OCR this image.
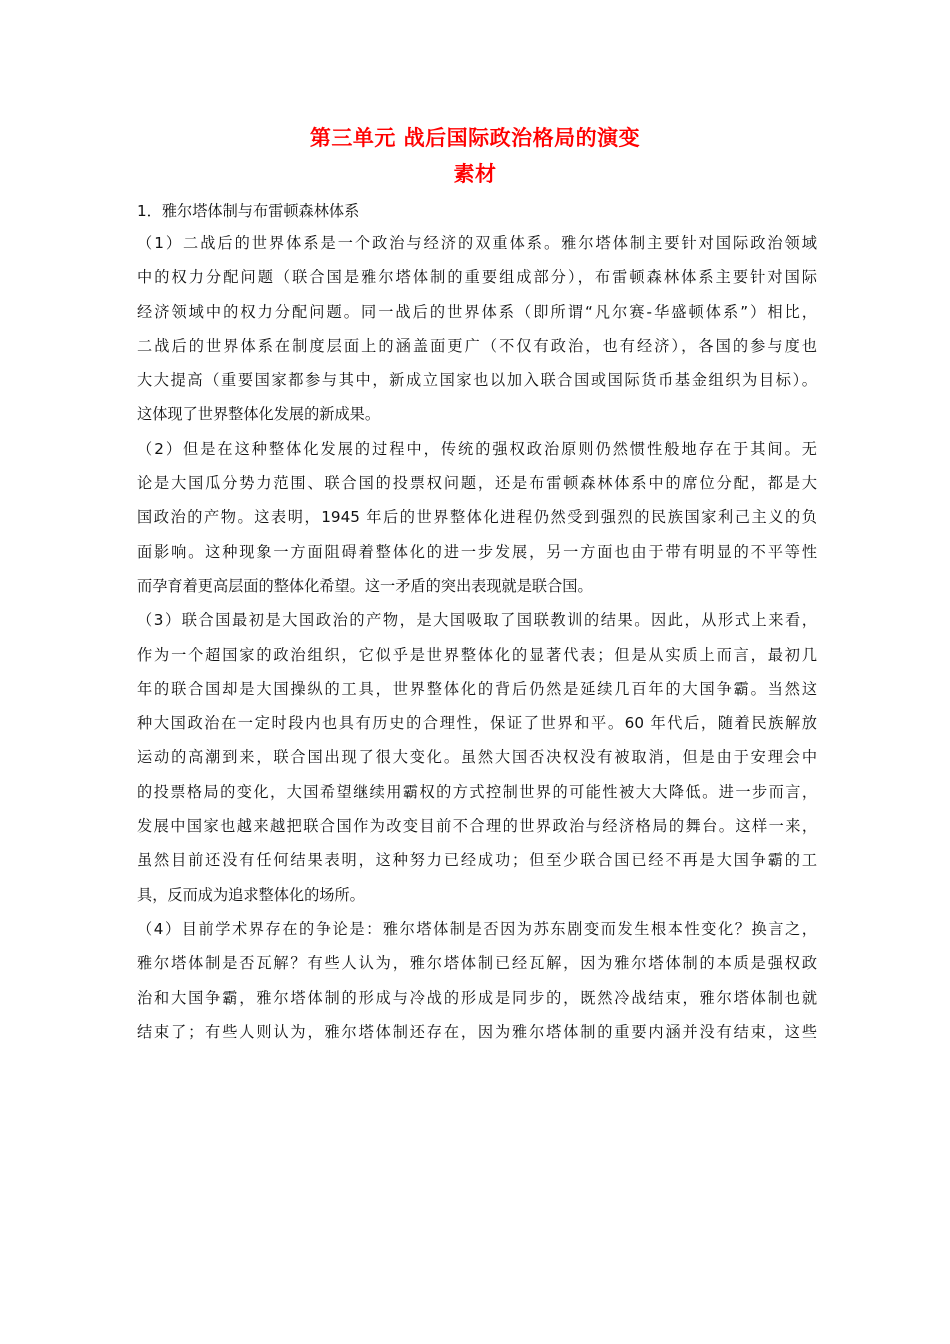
第三单元 战后国际政治格局的演变
素材
1．雅尔塔体制与布雷顿森林体系
（1）二战后的世界体系是一个政治与经济的双重体系。雅尔塔体制主要针对国际政治领域
中的权力分配问题（联合国是雅尔塔体制的重要组成部分），布雷顿森林体系主要针对国际
经济领域中的权力分配问题。同一战后的世界体系（即所谓“凡尔赛-华盛顿体系”）相比，
二战后的世界体系在制度层面上的涵盖面更广（不仅有政治，也有经济），各国的参与度也
大大提高（重要国家都参与其中，新成立国家也以加入联合国或国际货币基金组织为目标）。
这体现了世界整体化发展的新成果。
（2）但是在这种整体化发展的过程中，传统的强权政治原则仍然惯性般地存在于其间。无
论是大国瓜分势力范围、联合国的投票权问题，还是布雷顿森林体系中的席位分配，都是大
国政治的产物。这表明，1945 年后的世界整体化进程仍然受到强烈的民族国家利己主义的负
面影响。这种现象一方面阻碍着整体化的进一步发展，另一方面也由于带有明显的不平等性
而孕育着更高层面的整体化希望。这一矛盾的突出表现就是联合国。
（3）联合国最初是大国政治的产物，是大国吸取了国联教训的结果。因此，从形式上来看，
作为一个超国家的政治组织，它似乎是世界整体化的显著代表；但是从实质上而言，最初几
年的联合国却是大国操纵的工具，世界整体化的背后仍然是延续几百年的大国争霸。当然这
种大国政治在一定时段内也具有历史的合理性，保证了世界和平。60 年代后，随着民族解放
运动的高潮到来，联合国出现了很大变化。虽然大国否决权没有被取消，但是由于安理会中
的投票格局的变化，大国希望继续用霸权的方式控制世界的可能性被大大降低。进一步而言，
发展中国家也越来越把联合国作为改变目前不合理的世界政治与经济格局的舞台。这样一来，
虽然目前还没有任何结果表明，这种努力已经成功；但至少联合国已经不再是大国争霸的工
具，反而成为追求整体化的场所。
（4）目前学术界存在的争论是：雅尔塔体制是否因为苏东剧变而发生根本性变化？换言之，
雅尔塔体制是否瓦解？有些人认为，雅尔塔体制已经瓦解，因为雅尔塔体制的本质是强权政
治和大国争霸，雅尔塔体制的形成与冷战的形成是同步的，既然冷战结束，雅尔塔体制也就
结束了；有些人则认为，雅尔塔体制还存在，因为雅尔塔体制的重要内涵并没有结束，这些
